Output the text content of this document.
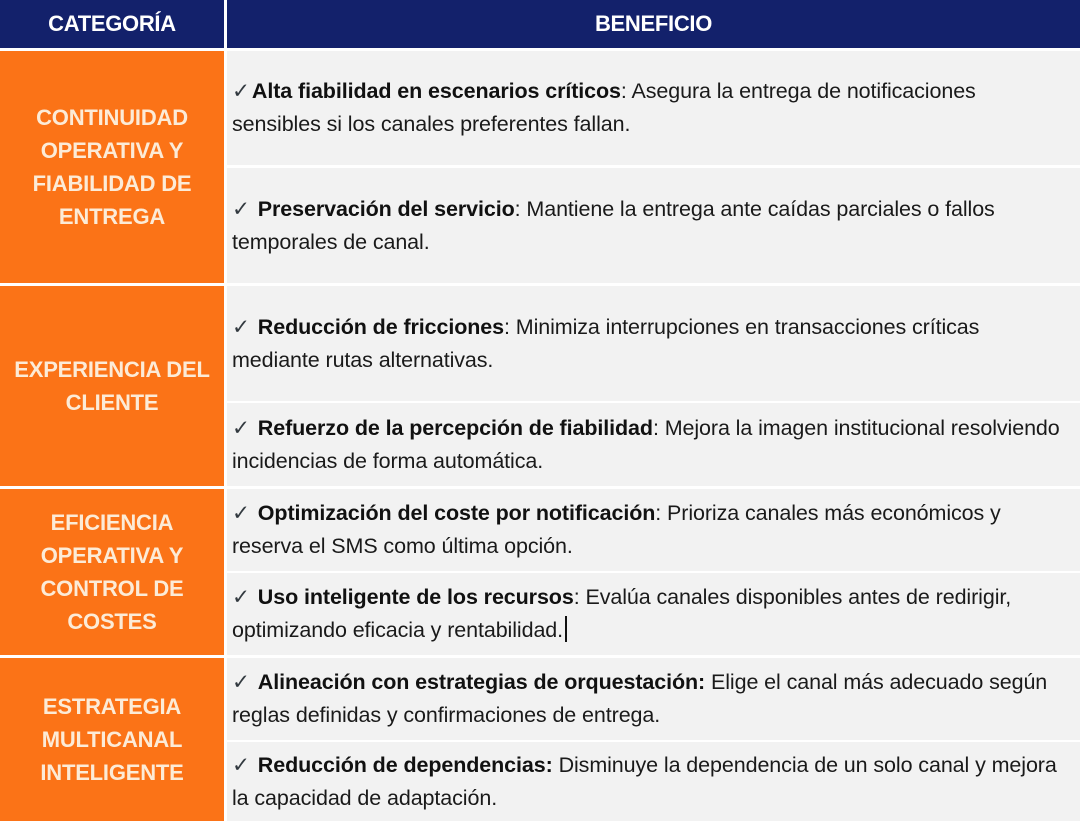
CATEGORÍA	BENEFICIO
CONTINUIDAD OPERATIVA Y FIABILIDAD DE ENTREGA
✓Alta fiabilidad en escenarios críticos: Asegura la entrega de notificaciones sensibles si los canales preferentes fallan.
✓ Preservación del servicio: Mantiene la entrega ante caídas parciales o fallos temporales de canal.
EXPERIENCIA DEL CLIENTE
✓ Reducción de fricciones: Minimiza interrupciones en transacciones críticas mediante rutas alternativas.
✓ Refuerzo de la percepción de fiabilidad: Mejora la imagen institucional resolviendo incidencias de forma automática.
EFICIENCIA OPERATIVA Y CONTROL DE COSTES
✓ Optimización del coste por notificación: Prioriza canales más económicos y reserva el SMS como última opción.
✓ Uso inteligente de los recursos: Evalúa canales disponibles antes de redirigir, optimizando eficacia y rentabilidad.
ESTRATEGIA MULTICANAL INTELIGENTE
✓ Alineación con estrategias de orquestación: Elige el canal más adecuado según reglas definidas y confirmaciones de entrega.
✓ Reducción de dependencias: Disminuye la dependencia de un solo canal y mejora la capacidad de adaptación.
